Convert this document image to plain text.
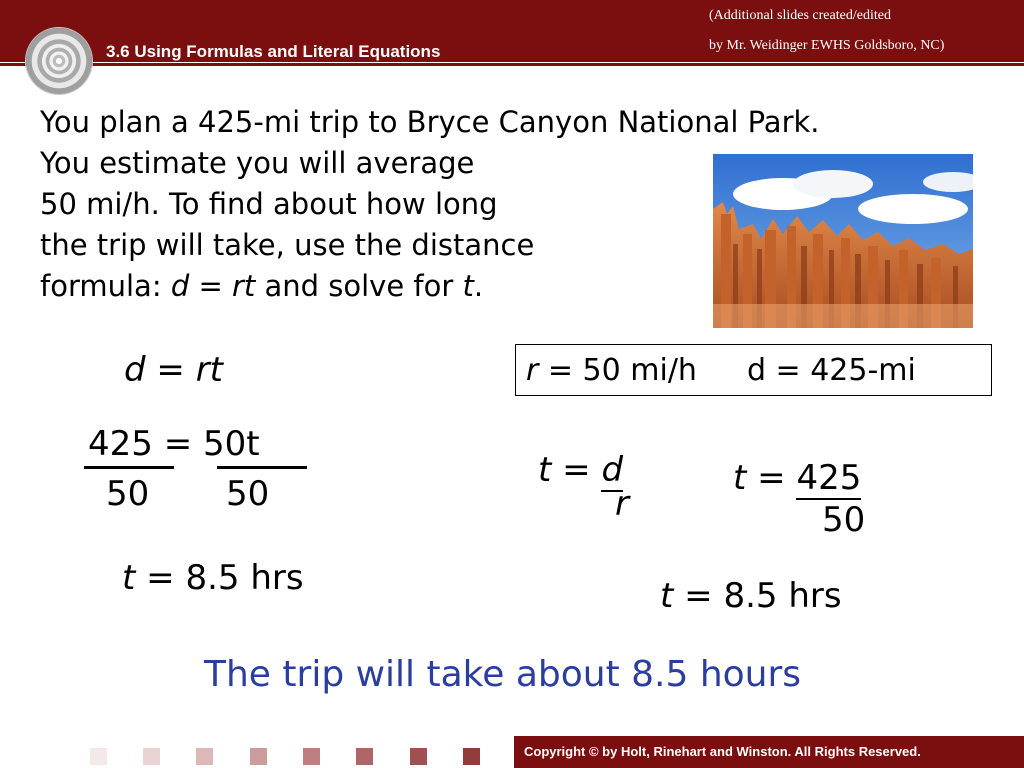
3.6 Using Formulas and Literal Equations
(Additional slides created/edited
by Mr. Weidinger EWHS Goldsboro, NC)

You plan a 425-mi trip to Bryce Canyon National Park.
You estimate you will average
50 mi/h. To find about how long
the trip will take, use the distance
formula: d = rt and solve for t.

d = rt	r = 50 mi/h d = 425-mi
425 = 50t
50 50
t = 8.5 hrs
t = d
r
t = 425
50
t = 8.5 hrs
The trip will take about 8.5 hours
Copyright © by Holt, Rinehart and Winston. All Rights Reserved.
